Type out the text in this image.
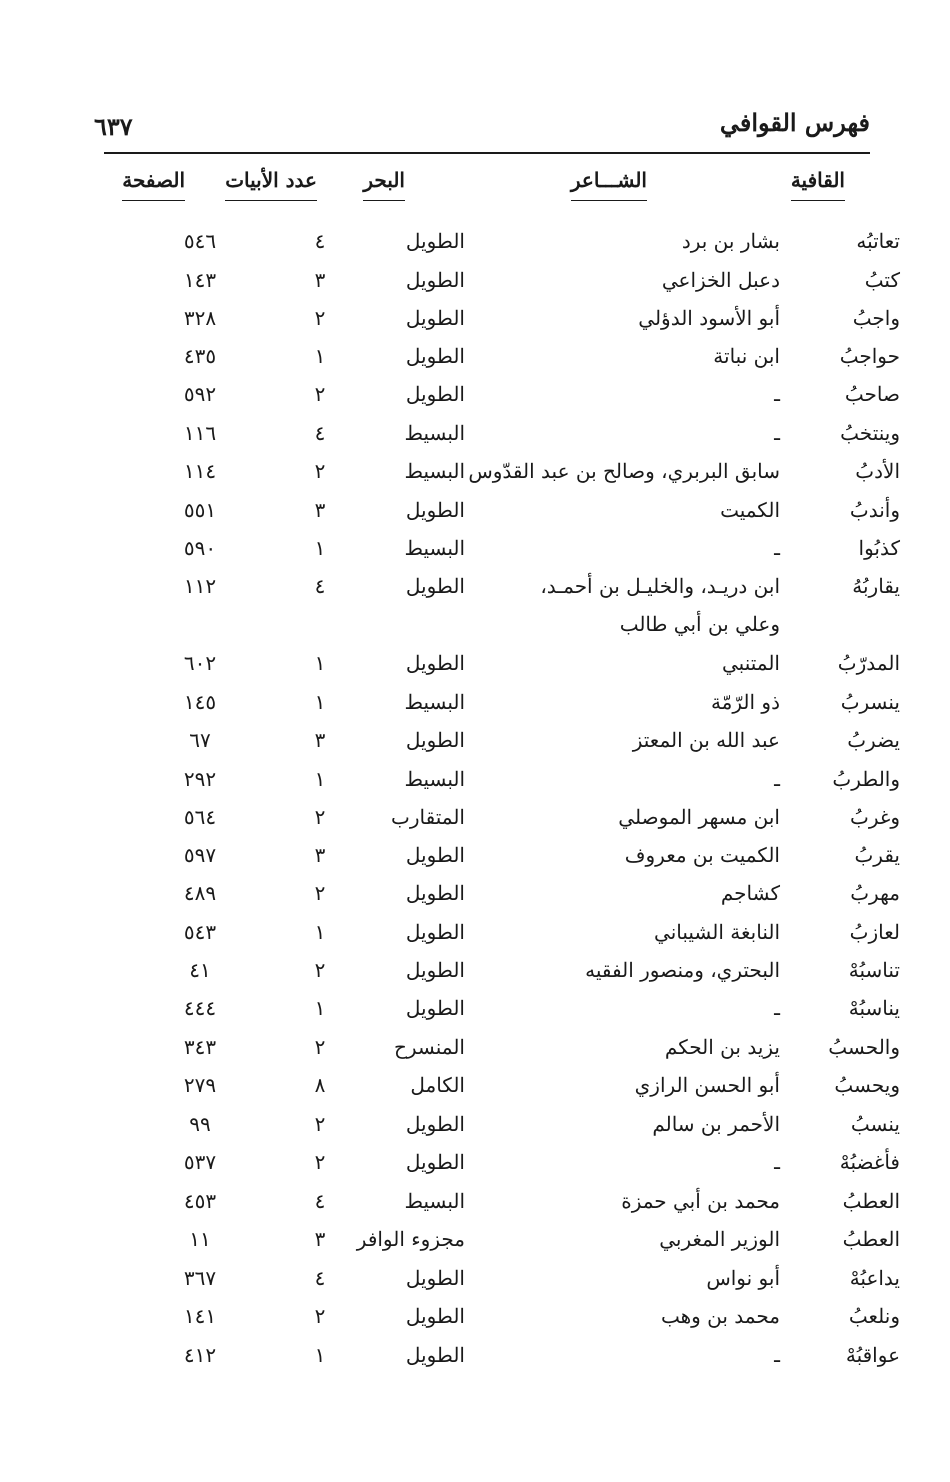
فهرس القوافي
٦٣٧
القافية
الشـــاعر
البحر
عدد الأبيات
الصفحة
تعاتبُه
بشار بن برد
الطويل
٤
٥٤٦
كتبُ
دعبل الخزاعي
الطويل
٣
١٤٣
واجبُ
أبو الأسود الدؤلي
الطويل
٢
٣٢٨
حواجبُ
ابن نباتة
الطويل
١
٤٣٥
صاحبُ
ـ
الطويل
٢
٥٩٢
وينتخبُ
ـ
البسيط
٤
١١٦
الأدبُ
سابق البربري، وصالح بن عبد القدّوس
البسيط
٢
١١٤
وأندبُ
الكميت
الطويل
٣
٥٥١
كذبُوا
ـ
البسيط
١
٥٩٠
يقاربُهُ
ابن دريـد، والخليـل بن أحمـد،
وعلي بن أبي طالب
الطويل
٤
١١٢
المدرّبُ
المتنبي
الطويل
١
٦٠٢
ينسربُ
ذو الرّمّة
البسيط
١
١٤٥
يضربُ
عبد الله بن المعتز
الطويل
٣
٦٧
والطربُ
ـ
البسيط
١
٢٩٢
وغربُ
ابن مسهر الموصلي
المتقارب
٢
٥٦٤
يقربُ
الكميت بن معروف
الطويل
٣
٥٩٧
مهربُ
كشاجم
الطويل
٢
٤٨٩
لعازبُ
النابغة الشيباني
الطويل
١
٥٤٣
تناسبُهْ
البحتري، ومنصور الفقيه
الطويل
٢
٤١
يناسبُهْ
ـ
الطويل
١
٤٤٤
والحسبُ
يزيد بن الحكم
المنسرح
٢
٣٤٣
ويحسبُ
أبو الحسن الرازي
الكامل
٨
٢٧٩
ينسبُ
الأحمر بن سالم
الطويل
٢
٩٩
فأغضبُهْ
ـ
الطويل
٢
٥٣٧
العطبُ
محمد بن أبي حمزة
البسيط
٤
٤٥٣
العطبُ
الوزير المغربي
مجزوء الوافر
٣
١١
يداعبُهْ
أبو نواس
الطويل
٤
٣٦٧
ونلعبُ
محمد بن وهب
الطويل
٢
١٤١
عواقبُهْ
ـ
الطويل
١
٤١٢
